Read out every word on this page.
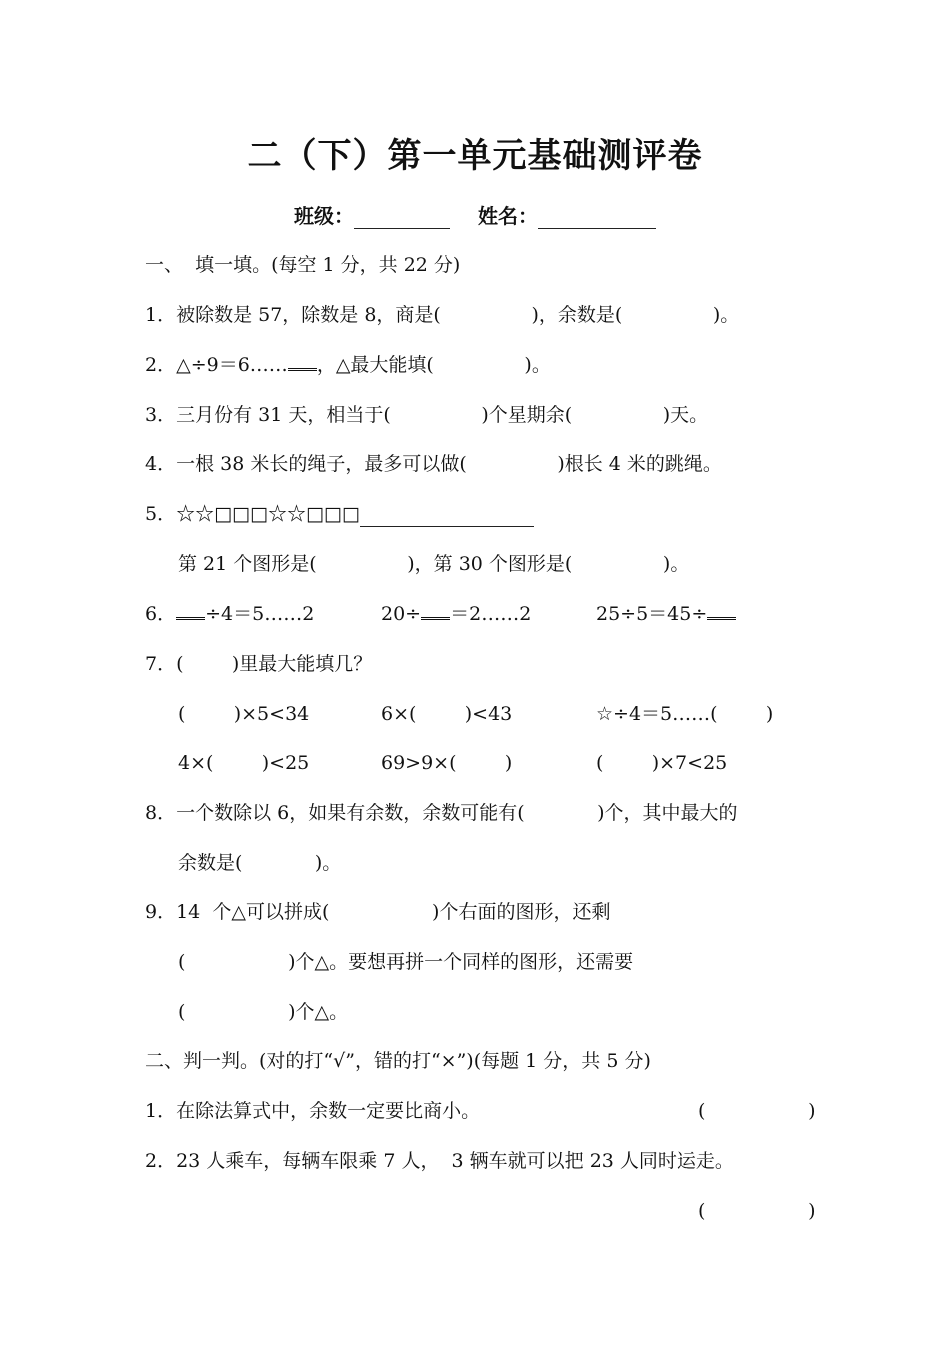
二（下）第一单元基础测评卷
班级：	姓名：
一、  填一填。(每空 1 分，共 22 分)
1．被除数是 57，除数是 8，商是(               )，余数是(               )。
2．△÷9＝6…… ，△最大能填(               )。
3．三月份有 31 天，相当于(               )个星期余(               )天。
4．一根 38 米长的绳子，最多可以做(               )根长 4 米的跳绳。
5．☆☆□□□☆☆□□□
第 21 个图形是(               )，第 30 个图形是(               )。
6． ÷4＝5……2	20÷ ＝2……2	25÷5＝45÷
7．(        )里最大能填几？
(        )×5<34	6×(        )<43	☆÷4＝5……(        )
4×(        )<25	69>9×(        )	(        )×7<25
8．一个数除以 6，如果有余数，余数可能有(            )个，其中最大的
余数是(            )。
9．14  个△可以拼成(                 )个右面的图形，还剩
(                 )个△。要想再拼一个同样的图形，还需要
(                 )个△。
二、判一判。(对的打“√”，错的打“×”)(每题 1 分，共 5 分)
1．在除法算式中，余数一定要比商小。	(                 )
2．23 人乘车，每辆车限乘 7 人，  3 辆车就可以把 23 人同时运走。
(                 )
